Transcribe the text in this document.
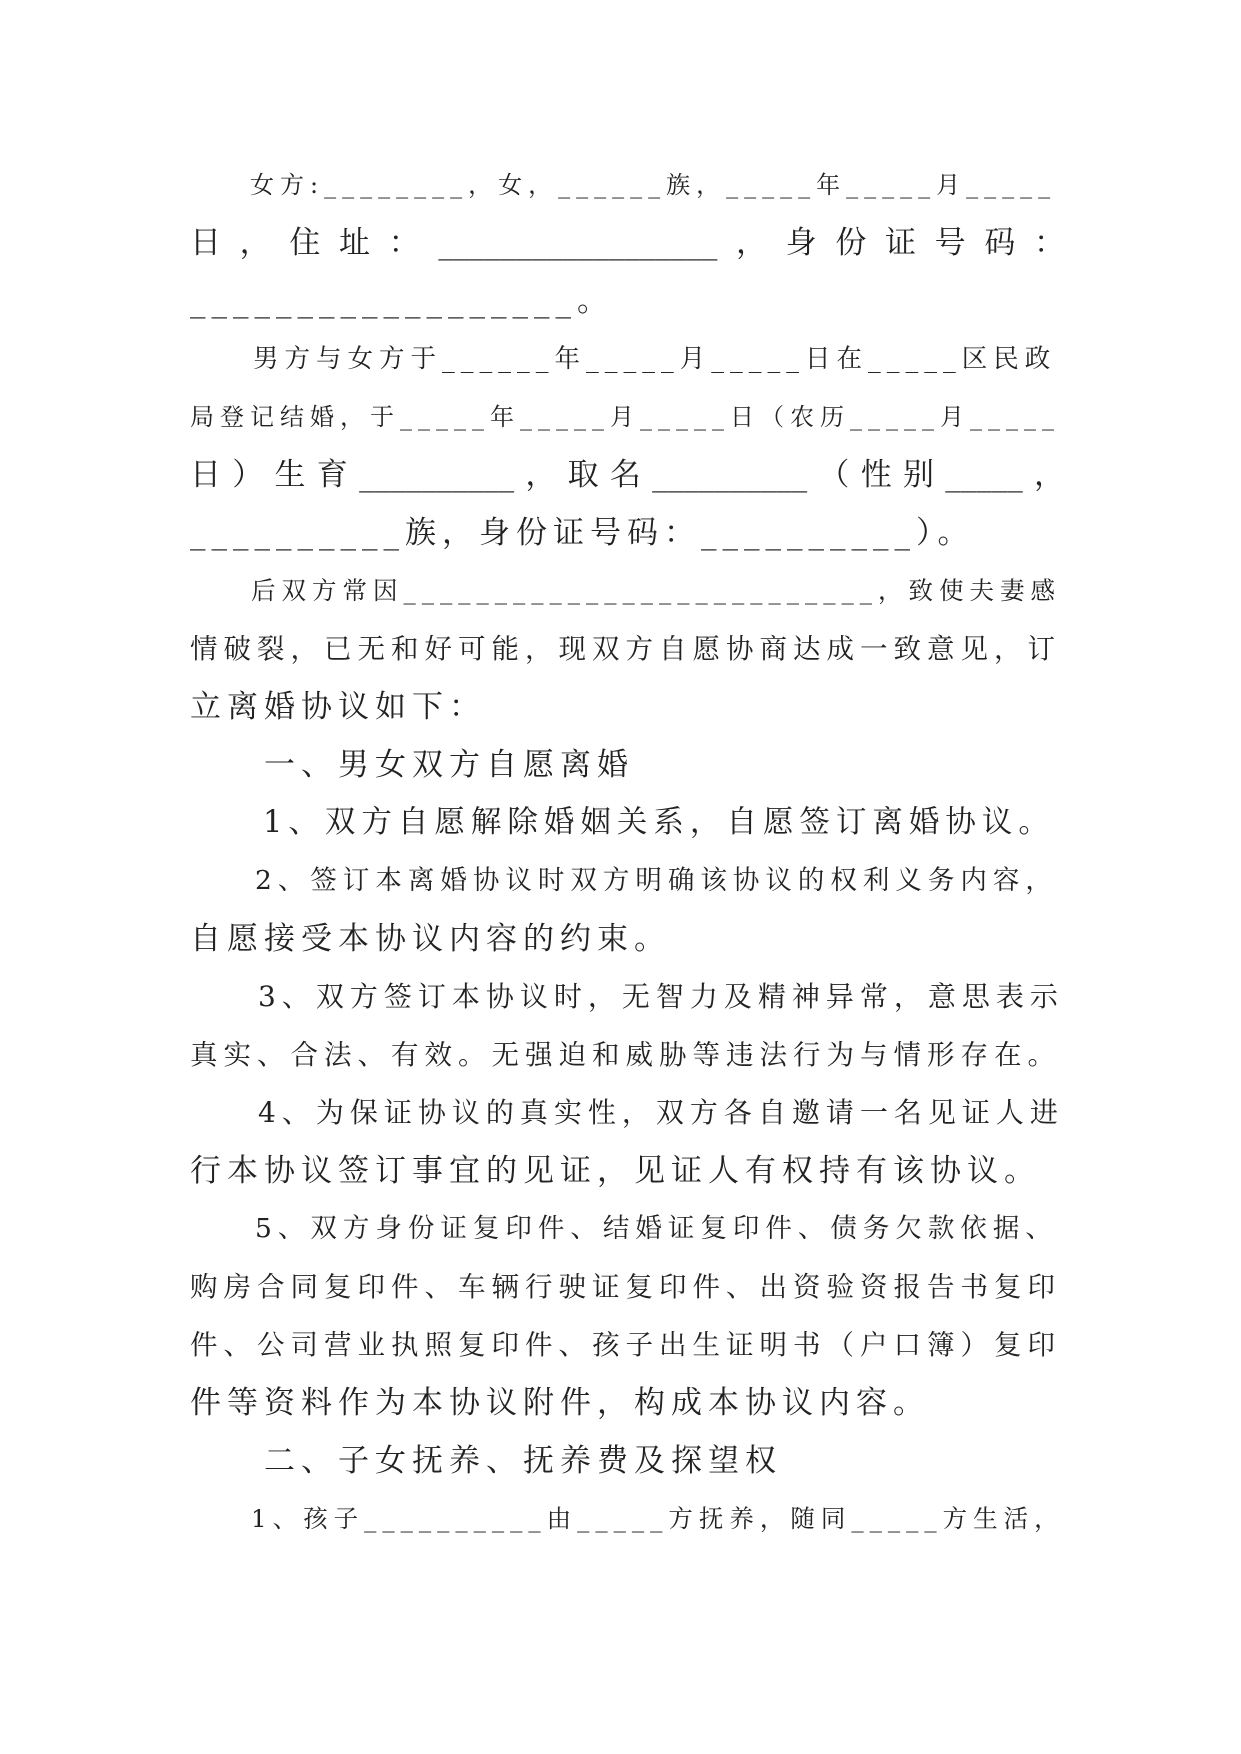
　　女方:________，女，______族，_____年_____月_____
日，住址：__________________，身份证号码：
__________________。
　　男方与女方于______年_____月_____日在_____区民政
局登记结婚，于_____年_____月_____日（农历_____月_____
日）生育__________，取名__________（性别_____，
__________族，身份证号码：__________）。
　　后双方常因__________________________，致使夫妻感
情破裂，已无和好可能，现双方自愿协商达成一致意见，订
立离婚协议如下：
　　一、男女双方自愿离婚
　　1、双方自愿解除婚姻关系，自愿签订离婚协议。
　　2、签订本离婚协议时双方明确该协议的权利义务内容，
自愿接受本协议内容的约束。
　　3、双方签订本协议时，无智力及精神异常，意思表示
真实、合法、有效。无强迫和威胁等违法行为与情形存在。
　　4、为保证协议的真实性，双方各自邀请一名见证人进
行本协议签订事宜的见证，见证人有权持有该协议。
　　5、双方身份证复印件、结婚证复印件、债务欠款依据、
购房合同复印件、车辆行驶证复印件、出资验资报告书复印
件、公司营业执照复印件、孩子出生证明书（户口簿）复印
件等资料作为本协议附件，构成本协议内容。
　　二、子女抚养、抚养费及探望权
　　1、孩子__________由_____方抚养，随同_____方生活，
